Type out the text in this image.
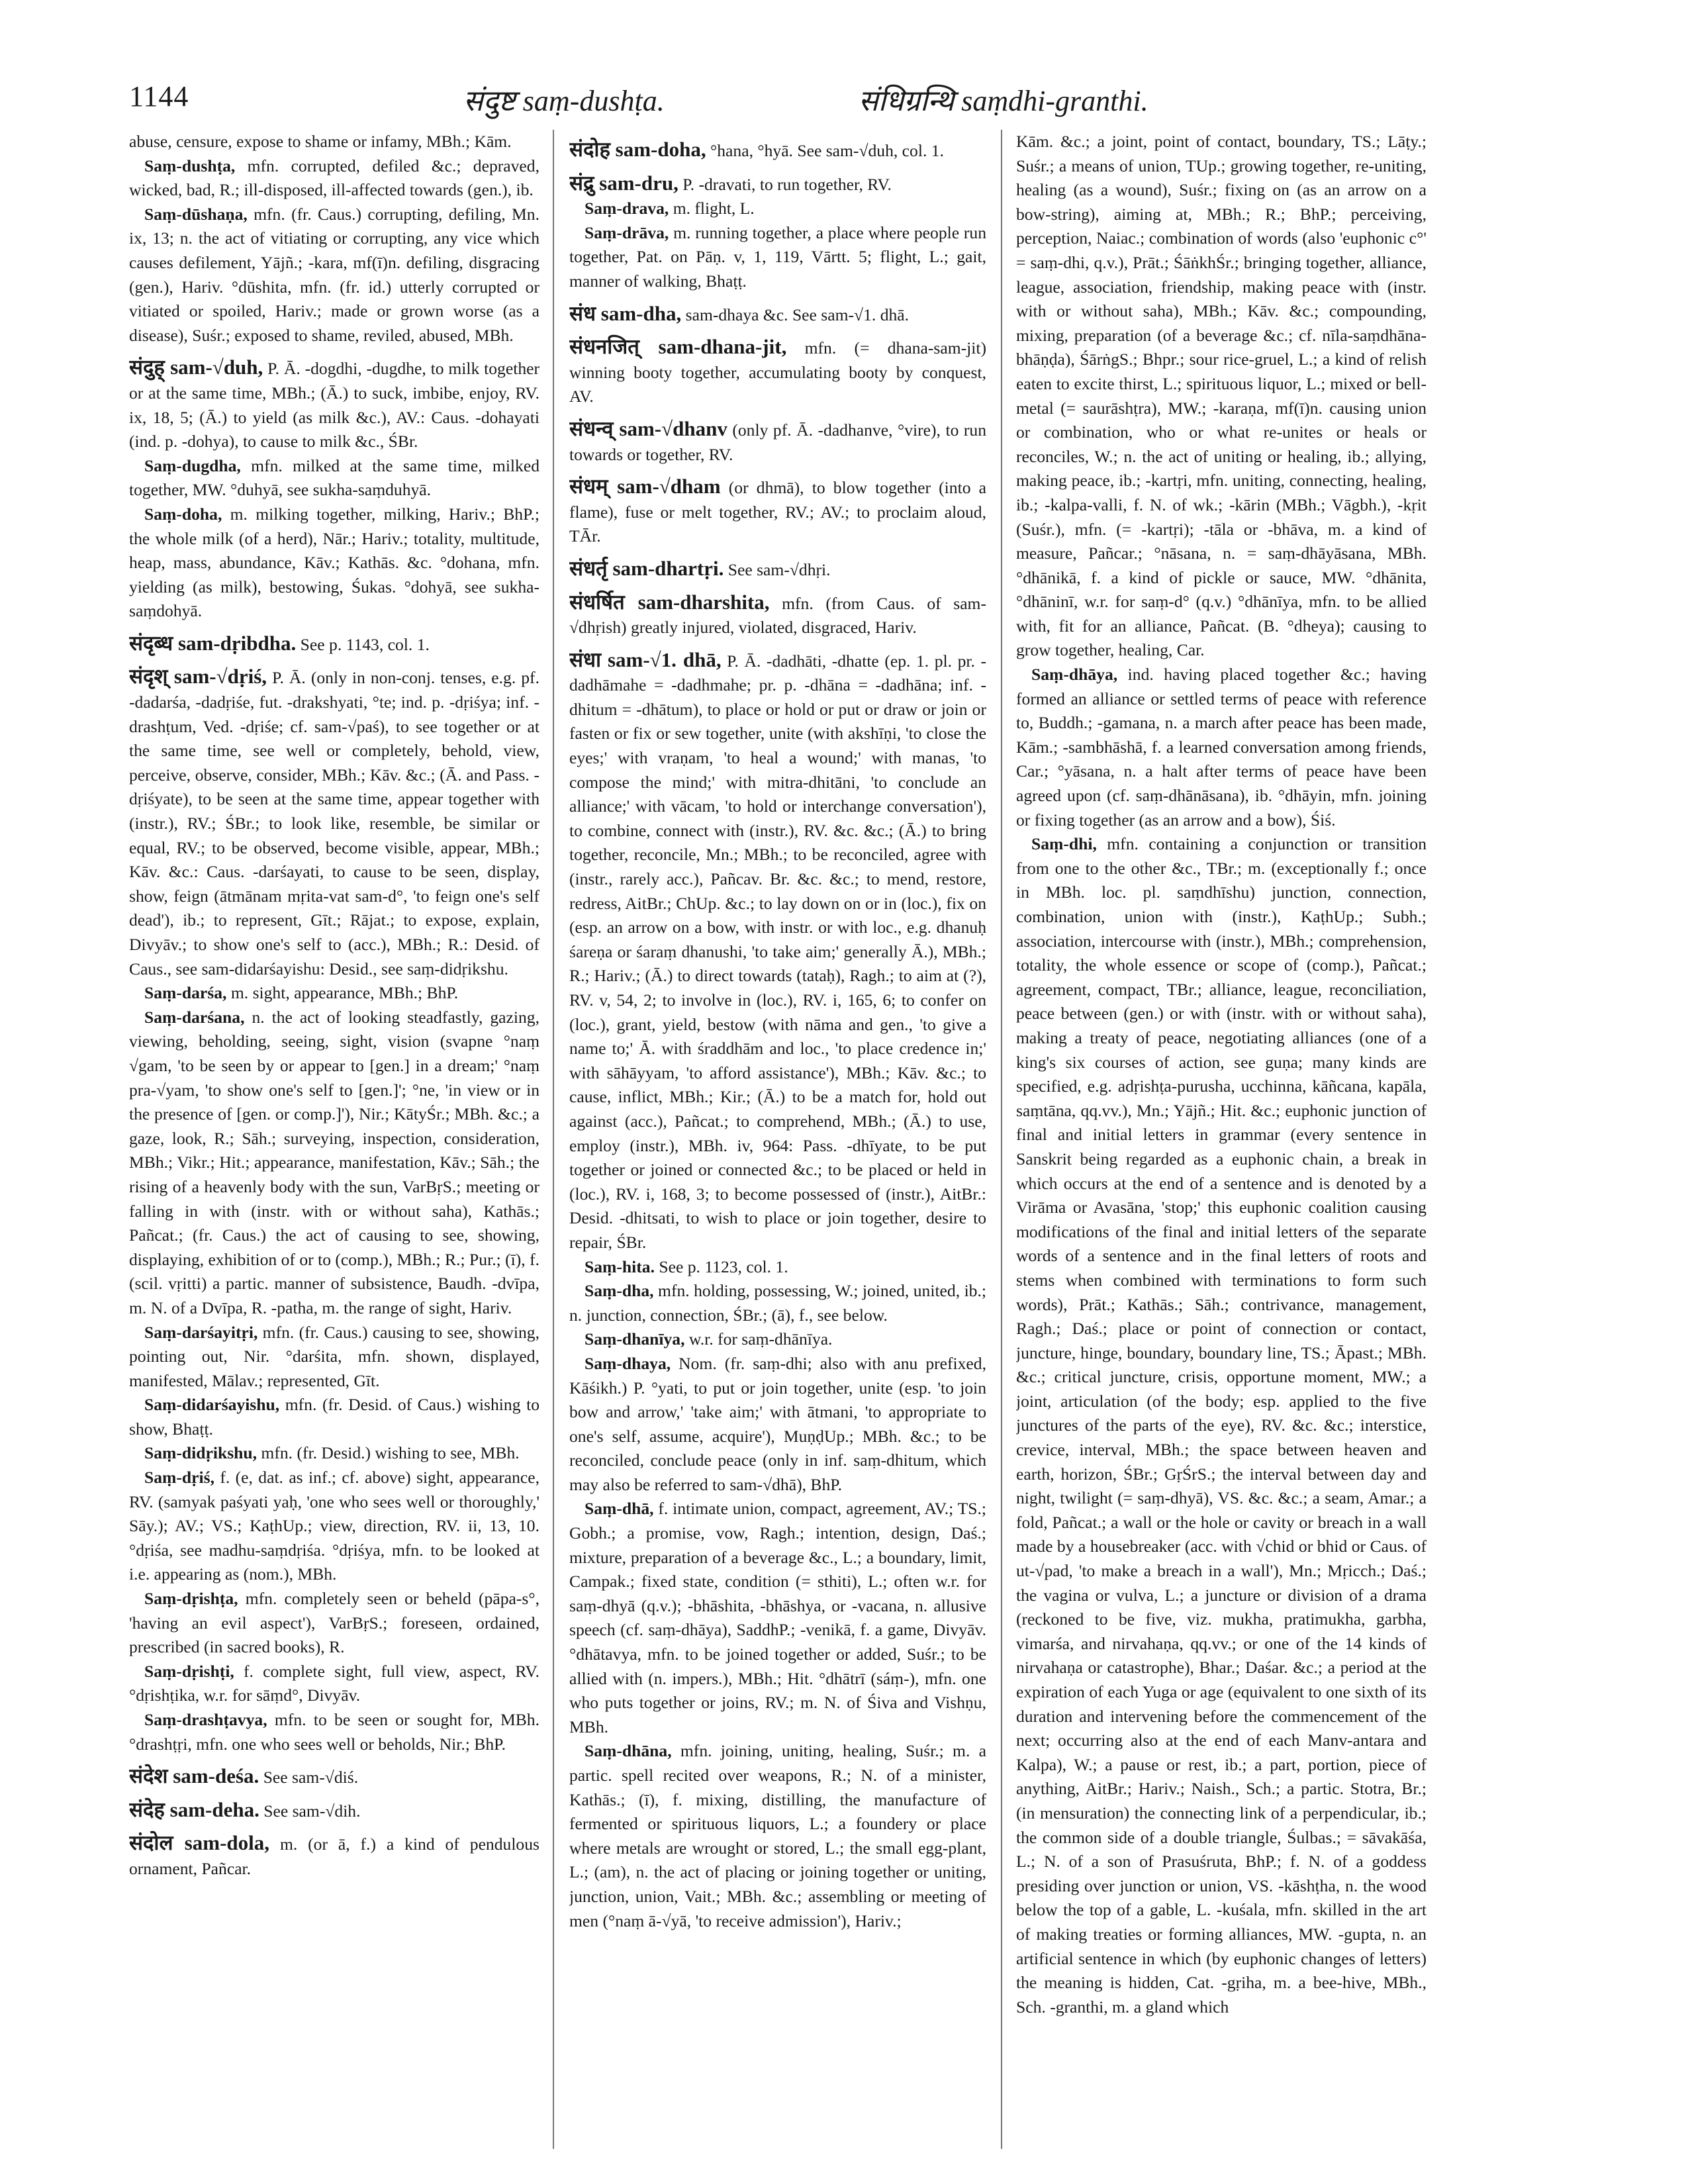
1144	संदुष्ट saṃ-dushṭa.	संधिग्रन्थि saṃdhi-granthi.

abuse, censure, expose to shame or infamy, MBh.; Kām.

Saṃ-dushṭa, mfn. corrupted, defiled &c.; depraved, wicked, bad, R.; ill-disposed, ill-affected towards (gen.), ib.

Saṃ-dūshaṇa, mfn. (fr. Caus.) corrupting, defiling, Mn. ix, 13; n. the act of vitiating or corrupting, any vice which causes defilement, Yājñ.; -kara, mf(ī)n. defiling, disgracing (gen.), Hariv. °dūshita, mfn. (fr. id.) utterly corrupted or vitiated or spoiled, Hariv.; made or grown worse (as a disease), Suśr.; exposed to shame, reviled, abused, MBh.

संदुह् sam-√duh, P. Ā. -dogdhi, -dugdhe, to milk together or at the same time, MBh.; (Ā.) to suck, imbibe, enjoy, RV. ix, 18, 5; (Ā.) to yield (as milk &c.), AV.: Caus. -dohayati (ind. p. -dohya), to cause to milk &c., ŚBr.

Saṃ-dugdha, mfn. milked at the same time, milked together, MW. °duhyā, see sukha-saṃduhyā.

Saṃ-doha, m. milking together, milking, Hariv.; BhP.; the whole milk (of a herd), Nār.; Hariv.; totality, multitude, heap, mass, abundance, Kāv.; Kathās. &c. °dohana, mfn. yielding (as milk), bestowing, Śukas. °dohyā, see sukha-saṃdohyā.

संदृब्ध sam-dṛibdha. See p. 1143, col. 1.

संदृश् sam-√dṛiś, P. Ā. (only in non-conj. tenses, e.g. pf. -dadarśa, -dadṛiśe, fut. -drakshyati, °te; ind. p. -dṛiśya; inf. -drashṭum, Ved. -dṛiśe; cf. sam-√paś), to see together or at the same time, see well or completely, behold, view, perceive, observe, consider, MBh.; Kāv. &c.; (Ā. and Pass. -dṛiśyate), to be seen at the same time, appear together with (instr.), RV.; ŚBr.; to look like, resemble, be similar or equal, RV.; to be observed, become visible, appear, MBh.; Kāv. &c.: Caus. -darśayati, to cause to be seen, display, show, feign (ātmānam mṛita-vat sam-d°, 'to feign one's self dead'), ib.; to represent, Gīt.; Rājat.; to expose, explain, Divyāv.; to show one's self to (acc.), MBh.; R.: Desid. of Caus., see sam-didarśayishu: Desid., see saṃ-didṛikshu.

Saṃ-darśa, m. sight, appearance, MBh.; BhP.

Saṃ-darśana, n. the act of looking steadfastly, gazing, viewing, beholding, seeing, sight, vision (svapne °naṃ √gam, 'to be seen by or appear to [gen.] in a dream;' °naṃ pra-√yam, 'to show one's self to [gen.]'; °ne, 'in view or in the presence of [gen. or comp.]'), Nir.; KātyŚr.; MBh. &c.; a gaze, look, R.; Sāh.; surveying, inspection, consideration, MBh.; Vikr.; Hit.; appearance, manifestation, Kāv.; Sāh.; the rising of a heavenly body with the sun, VarBṛS.; meeting or falling in with (instr. with or without saha), Kathās.; Pañcat.; (fr. Caus.) the act of causing to see, showing, displaying, exhibition of or to (comp.), MBh.; R.; Pur.; (ī), f. (scil. vṛitti) a partic. manner of subsistence, Baudh. -dvīpa, m. N. of a Dvīpa, R. -patha, m. the range of sight, Hariv.

Saṃ-darśayitṛi, mfn. (fr. Caus.) causing to see, showing, pointing out, Nir. °darśita, mfn. shown, displayed, manifested, Mālav.; represented, Gīt.

Saṃ-didarśayishu, mfn. (fr. Desid. of Caus.) wishing to show, Bhaṭṭ.

Saṃ-didṛikshu, mfn. (fr. Desid.) wishing to see, MBh.

Saṃ-dṛiś, f. (e, dat. as inf.; cf. above) sight, appearance, RV. (samyak paśyati yaḥ, 'one who sees well or thoroughly,' Sāy.); AV.; VS.; KaṭhUp.; view, direction, RV. ii, 13, 10. °dṛiśa, see madhu-saṃdṛiśa. °dṛiśya, mfn. to be looked at i.e. appearing as (nom.), MBh.

Saṃ-dṛishṭa, mfn. completely seen or beheld (pāpa-s°, 'having an evil aspect'), VarBṛS.; foreseen, ordained, prescribed (in sacred books), R.

Saṃ-dṛishṭi, f. complete sight, full view, aspect, RV. °dṛishṭika, w.r. for sāṃd°, Divyāv.

Saṃ-drashṭavya, mfn. to be seen or sought for, MBh. °drashṭṛi, mfn. one who sees well or beholds, Nir.; BhP.

संदेश sam-deśa. See sam-√diś.

संदेह sam-deha. See sam-√dih.

संदोल sam-dola, m. (or ā, f.) a kind of pendulous ornament, Pañcar.

संदोह sam-doha, °hana, °hyā. See sam-√duh, col. 1.

संद्रु sam-dru, P. -dravati, to run together, RV.

Saṃ-drava, m. flight, L.

Saṃ-drāva, m. running together, a place where people run together, Pat. on Pāṇ. v, 1, 119, Vārtt. 5; flight, L.; gait, manner of walking, Bhaṭṭ.

संध sam-dha, sam-dhaya &c. See sam-√1. dhā.

संधनजित् sam-dhana-jit, mfn. (= dhana-sam-jit) winning booty together, accumulating booty by conquest, AV.

संधन्व् sam-√dhanv (only pf. Ā. -dadhanve, °vire), to run towards or together, RV.

संधम् sam-√dham (or dhmā), to blow together (into a flame), fuse or melt together, RV.; AV.; to proclaim aloud, TĀr.

संधर्तृ sam-dhartṛi. See sam-√dhṛi.

संधर्षित sam-dharshita, mfn. (from Caus. of sam-√dhṛish) greatly injured, violated, disgraced, Hariv.

संधा sam-√1. dhā, P. Ā. -dadhāti, -dhatte (ep. 1. pl. pr. -dadhāmahe = -dadhmahe; pr. p. -dhāna = -dadhāna; inf. -dhitum = -dhātum), to place or hold or put or draw or join or fasten or fix or sew together, unite (with akshīṇi, 'to close the eyes;' with vraṇam, 'to heal a wound;' with manas, 'to compose the mind;' with mitra-dhitāni, 'to conclude an alliance;' with vācam, 'to hold or interchange conversation'), to combine, connect with (instr.), RV. &c. &c.; (Ā.) to bring together, reconcile, Mn.; MBh.; to be reconciled, agree with (instr., rarely acc.), Pañcav. Br. &c. &c.; to mend, restore, redress, AitBr.; ChUp. &c.; to lay down on or in (loc.), fix on (esp. an arrow on a bow, with instr. or with loc., e.g. dhanuḥ śareṇa or śaraṃ dhanushi, 'to take aim;' generally Ā.), MBh.; R.; Hariv.; (Ā.) to direct towards (tataḥ), Ragh.; to aim at (?), RV. v, 54, 2; to involve in (loc.), RV. i, 165, 6; to confer on (loc.), grant, yield, bestow (with nāma and gen., 'to give a name to;' Ā. with śraddhām and loc., 'to place credence in;' with sāhāyyam, 'to afford assistance'), MBh.; Kāv. &c.; to cause, inflict, MBh.; Kir.; (Ā.) to be a match for, hold out against (acc.), Pañcat.; to comprehend, MBh.; (Ā.) to use, employ (instr.), MBh. iv, 964: Pass. -dhīyate, to be put together or joined or connected &c.; to be placed or held in (loc.), RV. i, 168, 3; to become possessed of (instr.), AitBr.: Desid. -dhitsati, to wish to place or join together, desire to repair, ŚBr.

Saṃ-hita. See p. 1123, col. 1.

Saṃ-dha, mfn. holding, possessing, W.; joined, united, ib.; n. junction, connection, ŚBr.; (ā), f., see below.

Saṃ-dhanīya, w.r. for saṃ-dhānīya.

Saṃ-dhaya, Nom. (fr. saṃ-dhi; also with anu prefixed, Kāśikh.) P. °yati, to put or join together, unite (esp. 'to join bow and arrow,' 'take aim;' with ātmani, 'to appropriate to one's self, assume, acquire'), MuṇḍUp.; MBh. &c.; to be reconciled, conclude peace (only in inf. saṃ-dhitum, which may also be referred to sam-√dhā), BhP.

Saṃ-dhā, f. intimate union, compact, agreement, AV.; TS.; Gobh.; a promise, vow, Ragh.; intention, design, Daś.; mixture, preparation of a beverage &c., L.; a boundary, limit, Campak.; fixed state, condition (= sthiti), L.; often w.r. for saṃ-dhyā (q.v.); -bhāshita, -bhāshya, or -vacana, n. allusive speech (cf. saṃ-dhāya), SaddhP.; -venikā, f. a game, Divyāv. °dhātavya, mfn. to be joined together or added, Suśr.; to be allied with (n. impers.), MBh.; Hit. °dhātrī (sáṃ-), mfn. one who puts together or joins, RV.; m. N. of Śiva and Vishṇu, MBh.

Saṃ-dhāna, mfn. joining, uniting, healing, Suśr.; m. a partic. spell recited over weapons, R.; N. of a minister, Kathās.; (ī), f. mixing, distilling, the manufacture of fermented or spirituous liquors, L.; a foundery or place where metals are wrought or stored, L.; the small egg-plant, L.; (am), n. the act of placing or joining together or uniting, junction, union, Vait.; MBh. &c.; assembling or meeting of men (°naṃ ā-√yā, 'to receive admission'), Hariv.;

Kām. &c.; a joint, point of contact, boundary, TS.; Lāṭy.; Suśr.; a means of union, TUp.; growing together, re-uniting, healing (as a wound), Suśr.; fixing on (as an arrow on a bow-string), aiming at, MBh.; R.; BhP.; perceiving, perception, Naiac.; combination of words (also 'euphonic c°' = saṃ-dhi, q.v.), Prāt.; ŚāṅkhŚr.; bringing together, alliance, league, association, friendship, making peace with (instr. with or without saha), MBh.; Kāv. &c.; compounding, mixing, preparation (of a beverage &c.; cf. nīla-saṃdhāna-bhāṇḍa), ŚārṅgS.; Bhpr.; sour rice-gruel, L.; a kind of relish eaten to excite thirst, L.; spirituous liquor, L.; mixed or bell-metal (= saurāshṭra), MW.; -karaṇa, mf(ī)n. causing union or combination, who or what re-unites or heals or reconciles, W.; n. the act of uniting or healing, ib.; allying, making peace, ib.; -kartṛi, mfn. uniting, connecting, healing, ib.; -kalpa-valli, f. N. of wk.; -kārin (MBh.; Vāgbh.), -kṛit (Suśr.), mfn. (= -kartṛi); -tāla or -bhāva, m. a kind of measure, Pañcar.; °nāsana, n. = saṃ-dhāyāsana, MBh. °dhānikā, f. a kind of pickle or sauce, MW. °dhānita, °dhāninī, w.r. for saṃ-d° (q.v.) °dhānīya, mfn. to be allied with, fit for an alliance, Pañcat. (B. °dheya); causing to grow together, healing, Car.

Saṃ-dhāya, ind. having placed together &c.; having formed an alliance or settled terms of peace with reference to, Buddh.; -gamana, n. a march after peace has been made, Kām.; -sambhāshā, f. a learned conversation among friends, Car.; °yāsana, n. a halt after terms of peace have been agreed upon (cf. saṃ-dhānāsana), ib. °dhāyin, mfn. joining or fixing together (as an arrow and a bow), Śiś.

Saṃ-dhi, mfn. containing a conjunction or transition from one to the other &c., TBr.; m. (exceptionally f.; once in MBh. loc. pl. saṃdhīshu) junction, connection, combination, union with (instr.), KaṭhUp.; Subh.; association, intercourse with (instr.), MBh.; comprehension, totality, the whole essence or scope of (comp.), Pañcat.; agreement, compact, TBr.; alliance, league, reconciliation, peace between (gen.) or with (instr. with or without saha), making a treaty of peace, negotiating alliances (one of a king's six courses of action, see guṇa; many kinds are specified, e.g. adṛishṭa-purusha, ucchinna, kāñcana, kapāla, saṃtāna, qq.vv.), Mn.; Yājñ.; Hit. &c.; euphonic junction of final and initial letters in grammar (every sentence in Sanskrit being regarded as a euphonic chain, a break in which occurs at the end of a sentence and is denoted by a Virāma or Avasāna, 'stop;' this euphonic coalition causing modifications of the final and initial letters of the separate words of a sentence and in the final letters of roots and stems when combined with terminations to form such words), Prāt.; Kathās.; Sāh.; contrivance, management, Ragh.; Daś.; place or point of connection or contact, juncture, hinge, boundary, boundary line, TS.; Āpast.; MBh. &c.; critical juncture, crisis, opportune moment, MW.; a joint, articulation (of the body; esp. applied to the five junctures of the parts of the eye), RV. &c. &c.; interstice, crevice, interval, MBh.; the space between heaven and earth, horizon, ŚBr.; GṛŚrS.; the interval between day and night, twilight (= saṃ-dhyā), VS. &c. &c.; a seam, Amar.; a fold, Pañcat.; a wall or the hole or cavity or breach in a wall made by a housebreaker (acc. with √chid or bhid or Caus. of ut-√pad, 'to make a breach in a wall'), Mn.; Mṛicch.; Daś.; the vagina or vulva, L.; a juncture or division of a drama (reckoned to be five, viz. mukha, pratimukha, garbha, vimarśa, and nirvahaṇa, qq.vv.; or one of the 14 kinds of nirvahaṇa or catastrophe), Bhar.; Daśar. &c.; a period at the expiration of each Yuga or age (equivalent to one sixth of its duration and intervening before the commencement of the next; occurring also at the end of each Manv-antara and Kalpa), W.; a pause or rest, ib.; a part, portion, piece of anything, AitBr.; Hariv.; Naish., Sch.; a partic. Stotra, Br.; (in mensuration) the connecting link of a perpendicular, ib.; the common side of a double triangle, Śulbas.; = sāvakāśa, L.; N. of a son of Prasuśruta, BhP.; f. N. of a goddess presiding over junction or union, VS. -kāshṭha, n. the wood below the top of a gable, L. -kuśala, mfn. skilled in the art of making treaties or forming alliances, MW. -gupta, n. an artificial sentence in which (by euphonic changes of letters) the meaning is hidden, Cat. -gṛiha, m. a bee-hive, MBh., Sch. -granthi, m. a gland which
